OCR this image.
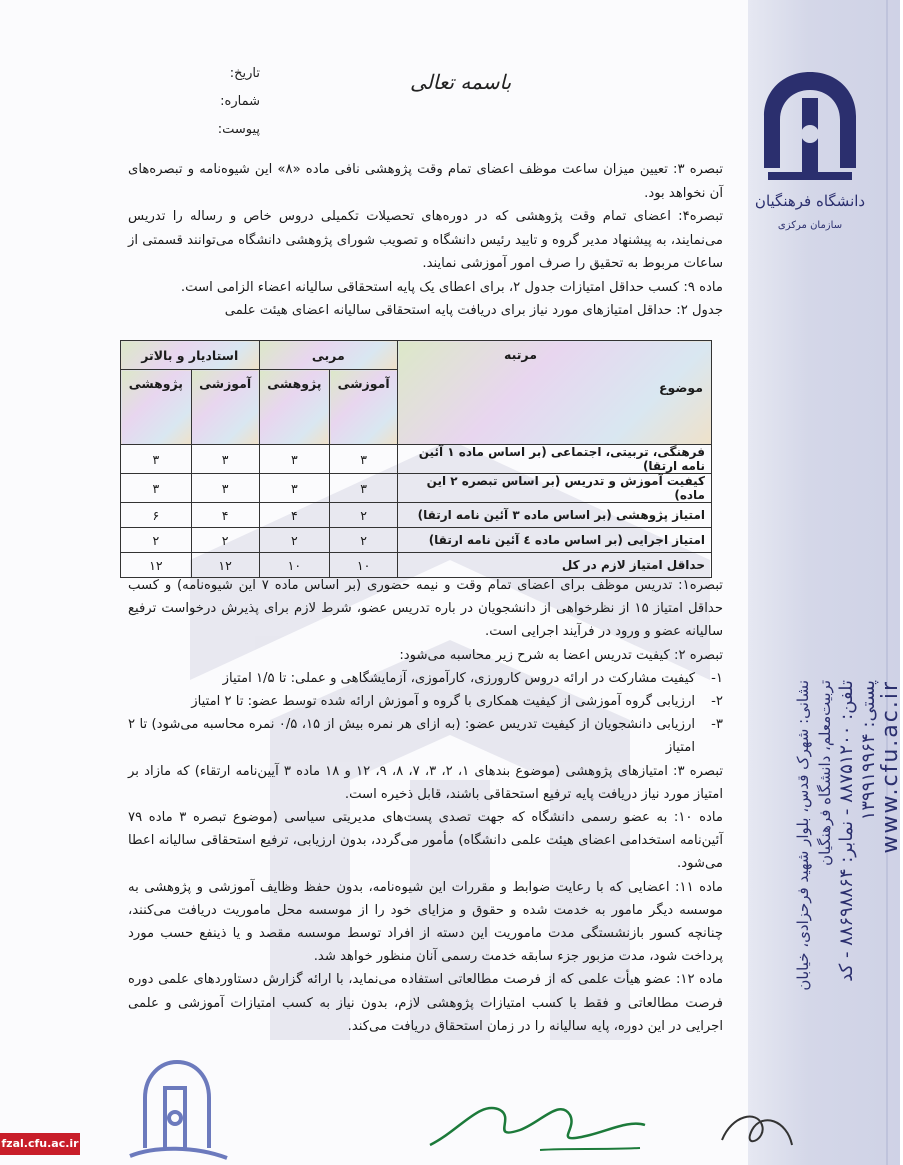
دانشگاه فرهنگیان
سازمان مرکزی
نشانی: شهرک قدس، بلوار شهید فرحزادی، خیابان تربیت‌معلم، دانشگاه فرهنگیان
تلفن: ۸۸۷۵۱۲۰۰ - نمابر: ۸۸۶۹۸۸۶۴ - کد پستی: ۱۳۹۹۱۹۹۶۴ www.cfu.ac.ir
تاریخ:
شماره:
پیوست:
باسمه تعالی

تبصره ۳: تعیین میزان ساعت موظف اعضای تمام وقت پژوهشی نافی ماده «۸» این شیوه‌نامه و تبصره‌های آن نخواهد بود.

تبصره۴: اعضای تمام وقت پژوهشی که در دوره‌های تحصیلات تکمیلی دروس خاص و رساله را تدریس می‌نمایند، به پیشنهاد مدیر گروه و تایید رئیس دانشگاه و تصویب شورای پژوهشی دانشگاه می‌توانند قسمتی از ساعات مربوط به تحقیق را صرف امور آموزشی نمایند.

ماده ۹: کسب حداقل امتیازات جدول ۲، برای اعطای یک پایه استحقاقی سالیانه اعضاء الزامی است.

جدول ۲: حداقل امتیازهای مورد نیاز برای دریافت پایه استحقاقی سالیانه اعضای هیئت علمی

مرتبه
موضوع	مربی		استادیار و بالاتر	
	آموزشی	پژوهشی	آموزشی	پژوهشی
فرهنگی، تربیتی، اجتماعی (بر اساس ماده ۱ آئین نامه ارتقا)	۳	۳	۳	۳
کیفیت آموزش و تدریس (بر اساس تبصره ۲ این ماده)	۳	۳	۳	۳
امتیاز پژوهشی (بر اساس ماده ۳ آئین نامه ارتقا)	۲	۴	۴	۶
امتیاز اجرایی (بر اساس ماده ٤ آئین نامه ارتقا)	۲	۲	۲	۲
حداقل امتیاز لازم در کل	۱۰	۱۰	۱۲	۱۲

تبصره۱: تدریس موظف برای اعضای تمام وقت و نیمه حضوری (بر اساس ماده ۷ این شیوه‌نامه) و کسب حداقل امتیاز ۱۵ از نظرخواهی از دانشجویان در باره تدریس عضو، شرط لازم برای پذیرش درخواست ترفیع سالیانه عضو و ورود در فرآیند اجرایی است.

تبصره ۲: کیفیت تدریس اعضا به شرح زیر محاسبه می‌شود:

۱-
کیفیت مشارکت در ارائه دروس کارورزی، کارآموزی، آزمایشگاهی و عملی: تا ۱/۵ امتیاز
۲-
ارزیابی گروه آموزشی از کیفیت همکاری با گروه و آموزش ارائه شده توسط عضو: تا ۲ امتیاز
۳-
ارزیابی دانشجویان از کیفیت تدریس عضو: (به ازای هر نمره بیش از ۱۵، ۰/۵ نمره محاسبه می‌شود) تا ۲ امتیاز

تبصره ۳: امتیازهای پژوهشی (موضوع بندهای ۱، ۲، ۳، ۷، ۸، ۹، ۱۲ و ۱۸ ماده ۳ آیین‌نامه ارتقاء) که مازاد بر امتیاز مورد نیاز دریافت پایه ترفیع استحقاقی باشند، قابل ذخیره است.

ماده ۱۰: به عضو رسمی دانشگاه که جهت تصدی پست‌های مدیریتی سیاسی (موضوع تبصره ۳ ماده ۷۹ آئین‌نامه استخدامی اعضای هیئت علمی دانشگاه) مأمور می‌گردد، بدون ارزیابی، ترفیع استحقاقی سالیانه اعطا می‌شود.

ماده ۱۱: اعضایی که با رعایت ضوابط و مقررات این شیوه‌نامه، بدون حفظ وظایف آموزشی و پژوهشی به موسسه دیگر مامور به خدمت شده و حقوق و مزایای خود را از موسسه محل ماموریت دریافت می‌کنند، چنانچه کسور بازنشستگی مدت ماموریت این دسته از افراد توسط موسسه مقصد و یا ذینفع حسب مورد پرداخت شود، مدت مزبور جزء سابقه خدمت رسمی آنان منظور خواهد شد.

ماده ۱۲: عضو هیأت علمی که از فرصت مطالعاتی استفاده می‌نماید، با ارائه گزارش دستاوردهای علمی دوره فرصت مطالعاتی و فقط با کسب امتیازات پژوهشی لازم، بدون نیاز به کسب امتیازات آموزشی و علمی اجرایی در این دوره، پایه سالیانه را در زمان استحقاق دریافت می‌کند.

fzal.cfu.ac.ir
